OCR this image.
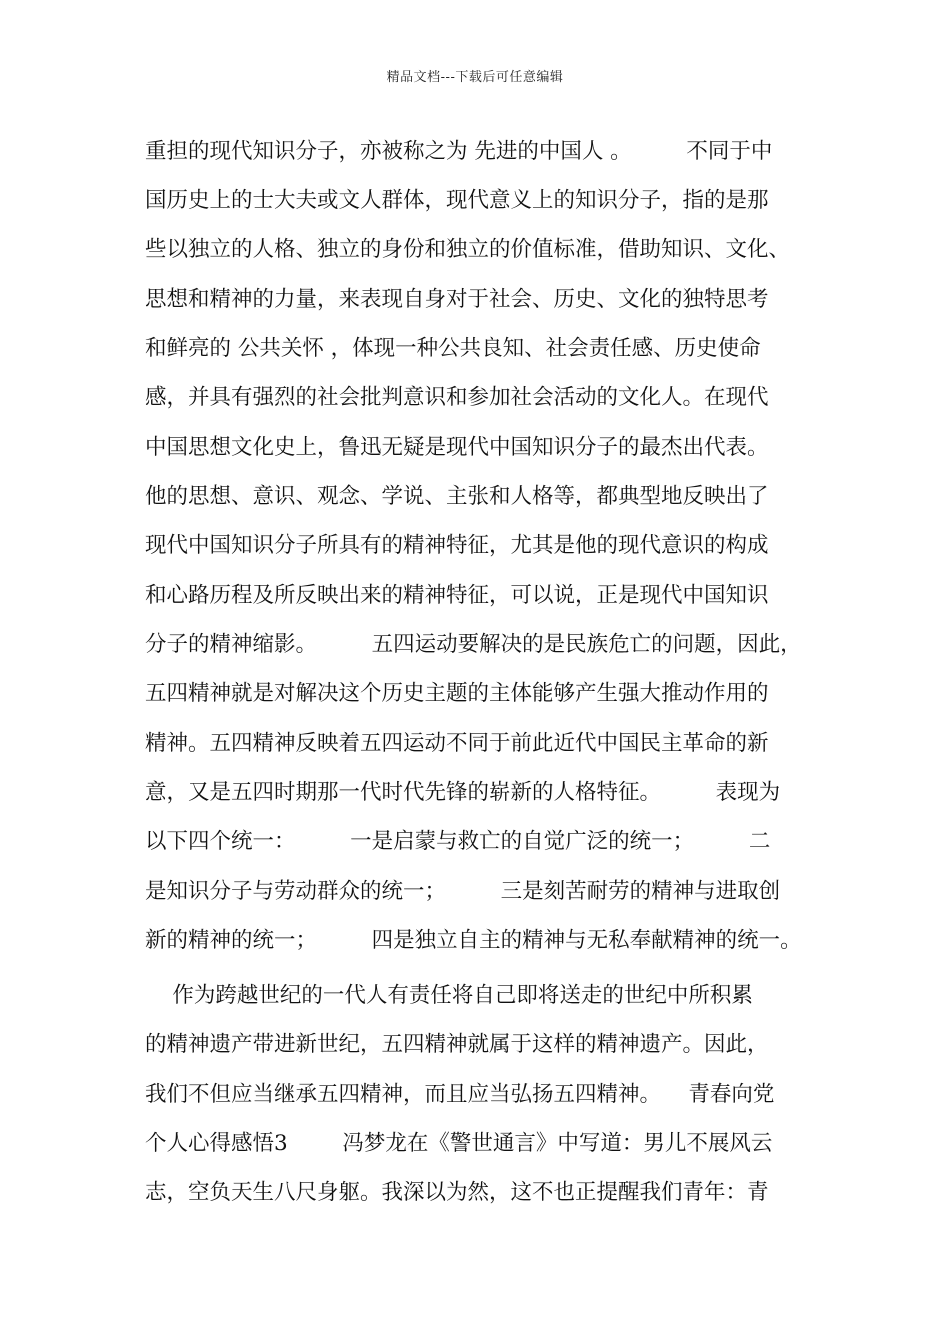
精品文档---下载后可任意编辑
重担的现代知识分子，亦被称之为 先进的中国人 。        不同于中
国历史上的士大夫或文人群体，现代意义上的知识分子，指的是那
些以独立的人格、独立的身份和独立的价值标准，借助知识、文化、
思想和精神的力量，来表现自身对于社会、历史、文化的独特思考
和鲜亮的 公共关怀 ，体现一种公共良知、社会责任感、历史使命
感，并具有强烈的社会批判意识和参加社会活动的文化人。在现代
中国思想文化史上，鲁迅无疑是现代中国知识分子的最杰出代表。
他的思想、意识、观念、学说、主张和人格等，都典型地反映出了
现代中国知识分子所具有的精神特征，尤其是他的现代意识的构成
和心路历程及所反映出来的精神特征，可以说，正是现代中国知识
分子的精神缩影。        五四运动要解决的是民族危亡的问题，因此，
五四精神就是对解决这个历史主题的主体能够产生强大推动作用的
精神。五四精神反映着五四运动不同于前此近代中国民主革命的新
意，又是五四时期那一代时代先锋的崭新的人格特征。        表现为
以下四个统一：        一是启蒙与救亡的自觉广泛的统一；        二
是知识分子与劳动群众的统一；        三是刻苦耐劳的精神与进取创
新的精神的统一；        四是独立自主的精神与无私奉献精神的统一。
作为跨越世纪的一代人有责任将自己即将送走的世纪中所积累
的精神遗产带进新世纪，五四精神就属于这样的精神遗产。因此，
我们不但应当继承五四精神，而且应当弘扬五四精神。    青春向党
个人心得感悟3        冯梦龙在《警世通言》中写道：男儿不展风云
志，空负天生八尺身躯。我深以为然，这不也正提醒我们青年：青
